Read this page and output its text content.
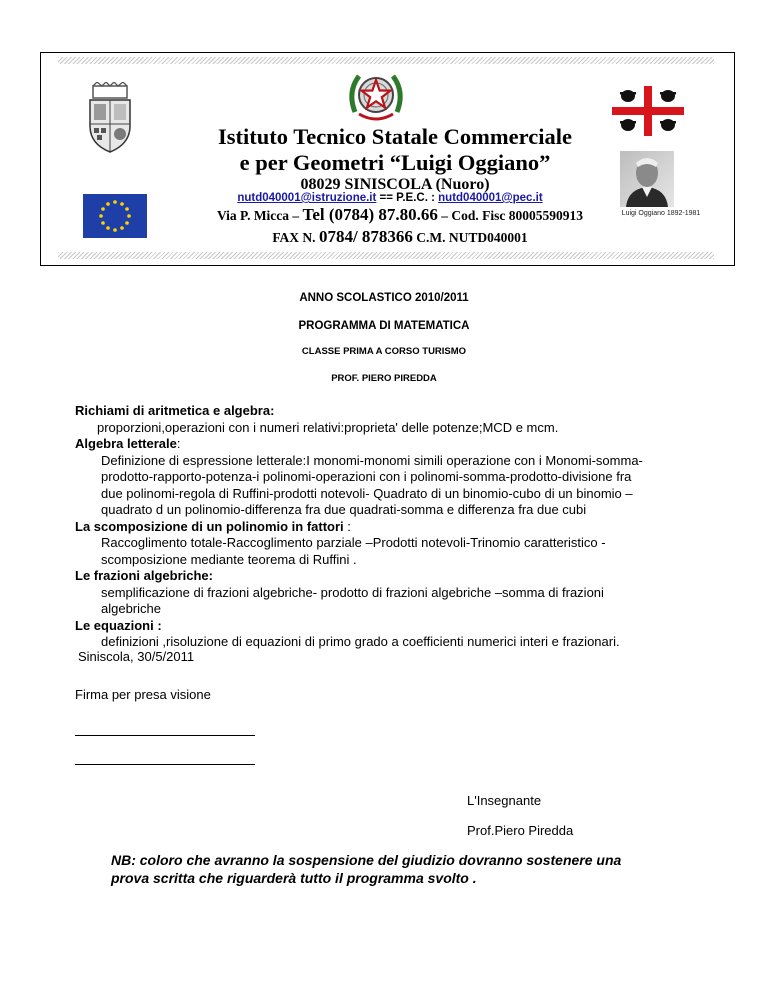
Istituto Tecnico Statale Commerciale
e per Geometri “Luigi Oggiano”
08029 SINISCOLA (Nuoro)
nutd040001@istruzione.it == P.E.C. : nutd040001@pec.it
Via P. Micca – Tel (0784) 87.80.66 – Cod. Fisc 80005590913
FAX N. 0784/ 878366 C.M. NUTD040001
Luigi Oggiano 1892-1981
ANNO SCOLASTICO 2010/2011
PROGRAMMA DI MATEMATICA
CLASSE PRIMA A CORSO TURISMO
PROF. PIERO PIREDDA
Richiami di aritmetica e algebra:
proporzioni,operazioni con i numeri relativi:proprieta' delle potenze;MCD e mcm.
Algebra letterale:
Definizione di espressione letterale:I monomi-monomi simili operazione con i Monomi-somma-
prodotto-rapporto-potenza-i polinomi-operazioni con i polinomi-somma-prodotto-divisione fra
due polinomi-regola di Ruffini-prodotti notevoli- Quadrato di un binomio-cubo di un binomio –
quadrato d un polinomio-differenza fra due quadrati-somma e differenza fra due cubi
La scomposizione di un polinomio in fattori :
Raccoglimento totale-Raccoglimento parziale –Prodotti notevoli-Trinomio caratteristico -
scomposizione mediante teorema di Ruffini .
Le frazioni algebriche:
semplificazione di frazioni algebriche- prodotto di frazioni algebriche –somma di frazioni
algebriche
Le equazioni :
definizioni ,risoluzione di equazioni di primo grado a coefficienti numerici interi e frazionari.
Siniscola, 30/5/2011
Firma per presa visione
L'Insegnante
Prof.Piero Piredda
NB: coloro che avranno la sospensione del giudizio dovranno sostenere una
prova scritta che riguarderà tutto il programma svolto .
